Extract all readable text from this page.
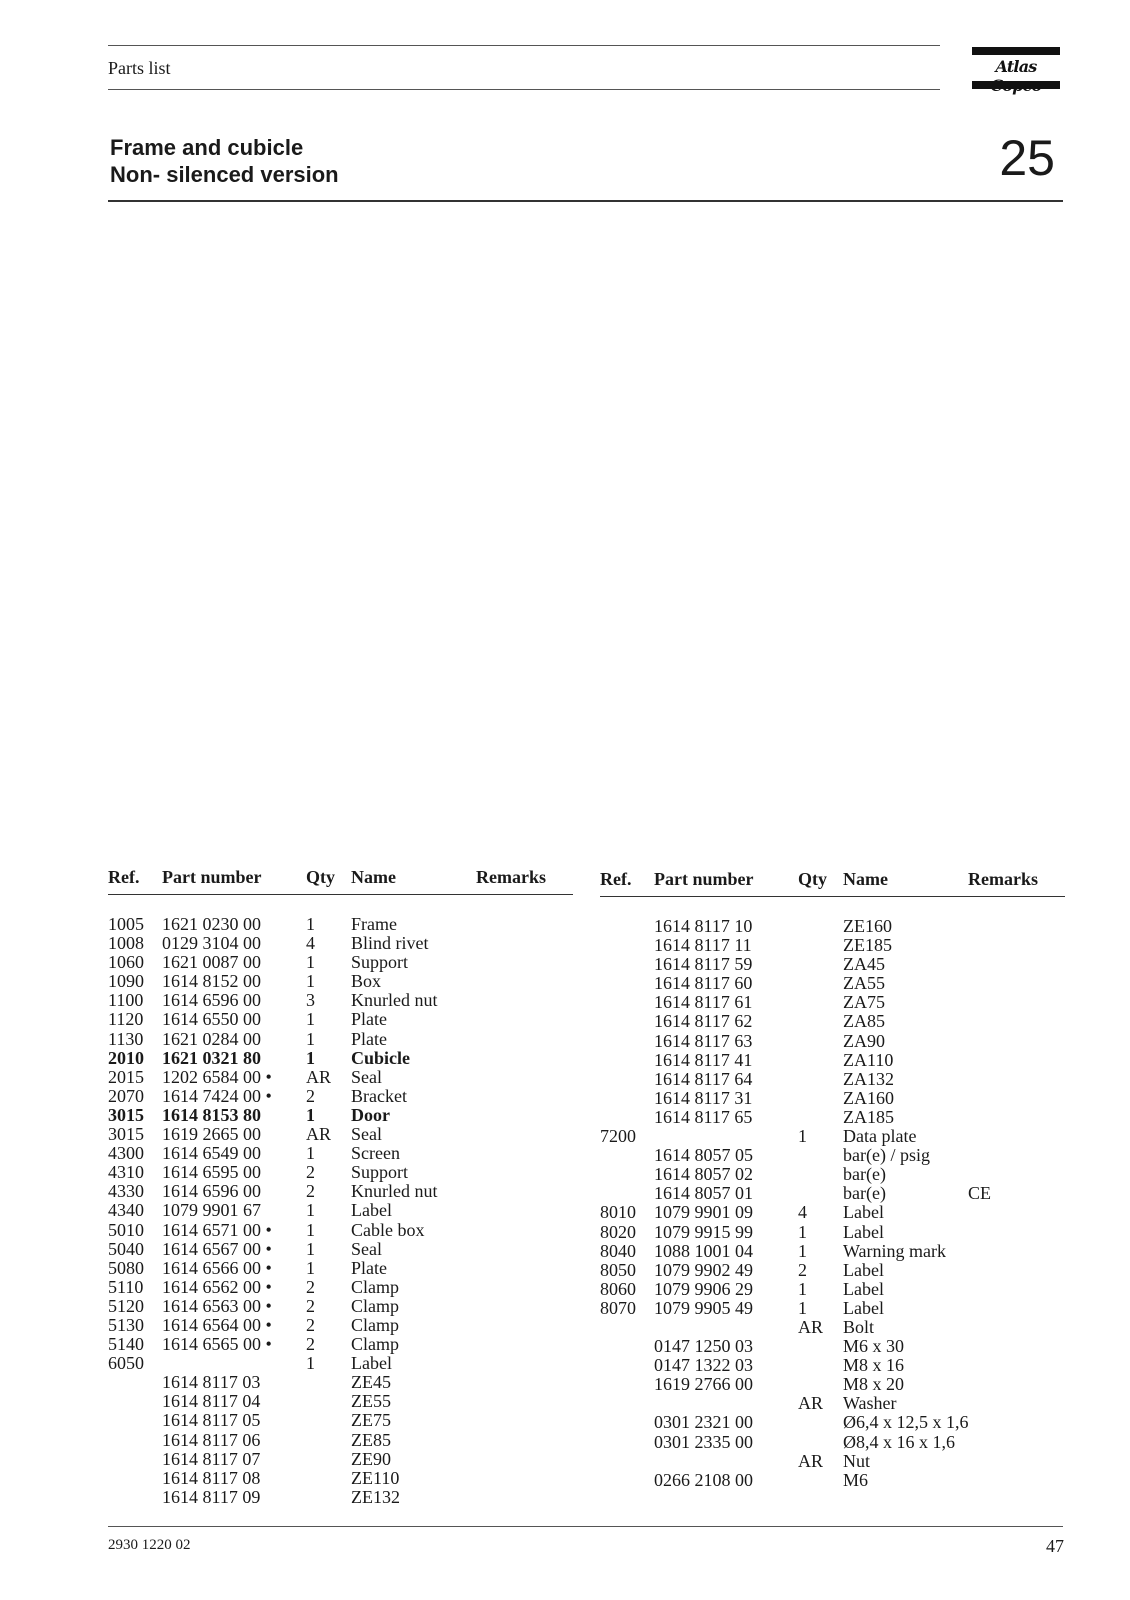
Parts list	Atlas
Frame and cubicle
Non- silenced version	25
Ref. Part number Qty Name	Remarks
1005 1621 0230 00	1 Frame
1008 0129 3104 00	4 Blind rivet
1060 1621 0087 00	1 Support
1090 1614 8152 00	1 Box
1100 1614 6596 00	3 Knurled nut
1120 1614 6550 00	1 Plate
1130 1621 0284 00	1 Plate
2010 1621 0321 80	1 Cubicle
2015 1202 6584 00 • AR Seal
2070 1614 7424 00 • 2 Bracket
3015 1614 8153 80	1 Door
3015 1619 2665 00	AR Seal
4300 1614 6549 00	1 Screen
4310 1614 6595 00	2 Support
4330 1614 6596 00	2 Knurled nut
4340 1079 9901 67	1 Label
5010 1614 6571 00 • 1 Cable box
5040 1614 6567 00 • 1 Seal
5080 1614 6566 00 • 1 Plate
5110 1614 6562 00 • 2 Clamp
5120 1614 6563 00 • 2 Clamp
5130 1614 6564 00 • 2 Clamp
5140 1614 6565 00 • 2 Clamp
6050	1 Label
1614 8117 03	ZE45
1614 8117 04	ZE55
1614 8117 05	ZE75
1614 8117 06	ZE85
1614 8117 07	ZE90
1614 8117 08	ZE110
1614 8117 09	ZE132
Ref. Part number Qty Name	Remarks
1614 8117 10	ZE160
1614 8117 11	ZE185
1614 8117 59	ZA45
1614 8117 60	ZA55
1614 8117 61	ZA75
1614 8117 62	ZA85
1614 8117 63	ZA90
1614 8117 41	ZA110
1614 8117 64	ZA132
1614 8117 31	ZA160
1614 8117 65	ZA185
7200	1 Data plate
1614 8057 05	bar(e) / psig
1614 8057 02	bar(e)
1614 8057 01	bar(e)	CE
8010 1079 9901 09	4 Label
8020 1079 9915 99	1 Label
8040 1088 1001 04	1 Warning mark
8050 1079 9902 49	2 Label
8060 1079 9906 29	1 Label
8070 1079 9905 49	1 Label
AR Bolt
0147 1250 03	M6 x 30
0147 1322 03	M8 x 16
1619 2766 00	M8 x 20
AR Washer
0301 2321 00	Ø6,4 x 12,5 x 1,6
0301 2335 00	Ø8,4 x 16 x 1,6
AR Nut
0266 2108 00	M6
2930 1220 02	47
